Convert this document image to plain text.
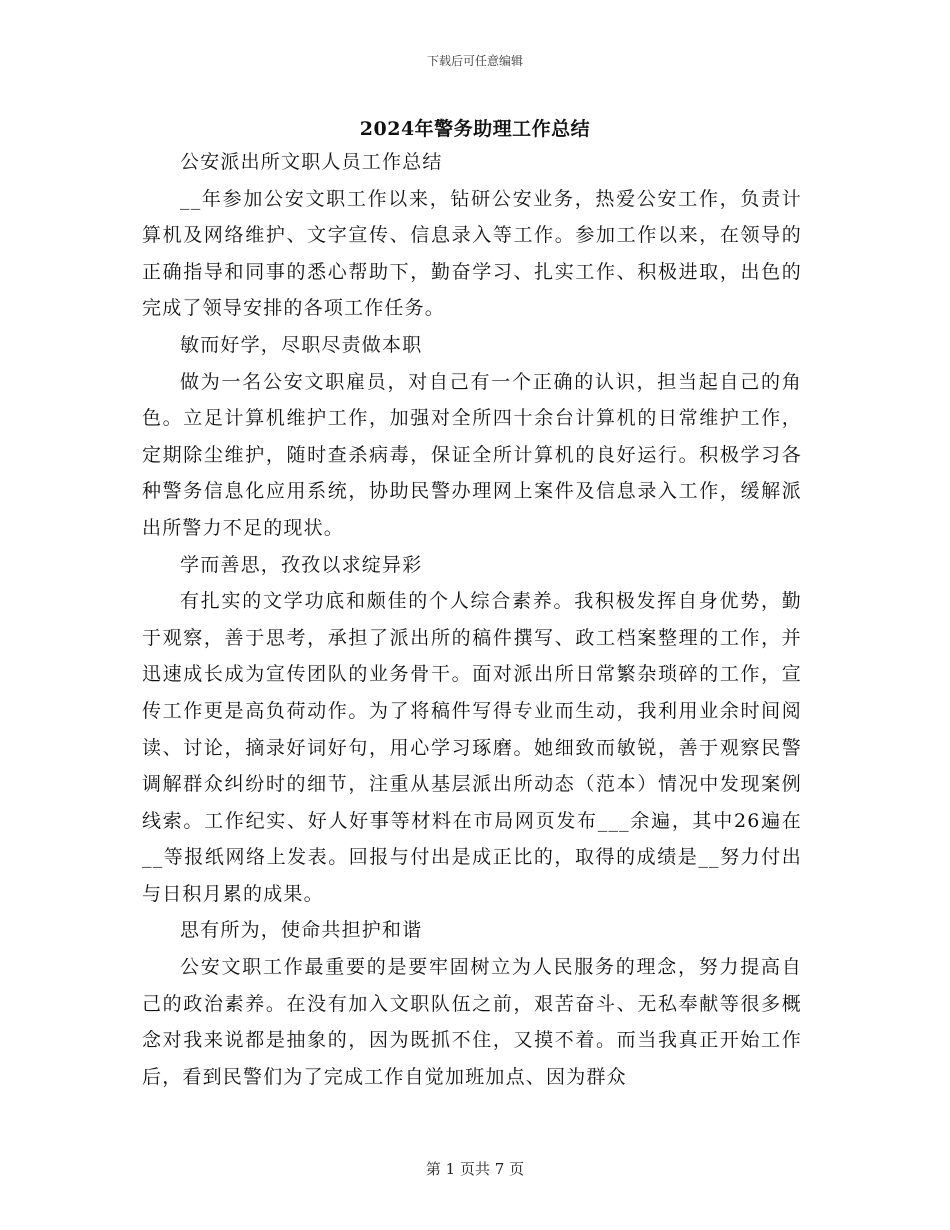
下载后可任意编辑
2024年警务助理工作总结

公安派出所文职人员工作总结

__年参加公安文职工作以来，钻研公安业务，热爱公安工作，负责计算机及网络维护、文字宣传、信息录入等工作。参加工作以来，在领导的正确指导和同事的悉心帮助下，勤奋学习、扎实工作、积极进取，出色的完成了领导安排的各项工作任务。

敏而好学，尽职尽责做本职

做为一名公安文职雇员，对自己有一个正确的认识，担当起自己的角色。立足计算机维护工作，加强对全所四十余台计算机的日常维护工作，定期除尘维护，随时查杀病毒，保证全所计算机的良好运行。积极学习各种警务信息化应用系统，协助民警办理网上案件及信息录入工作，缓解派出所警力不足的现状。

学而善思，孜孜以求绽异彩

有扎实的文学功底和颇佳的个人综合素养。我积极发挥自身优势，勤于观察，善于思考，承担了派出所的稿件撰写、政工档案整理的工作，并迅速成长成为宣传团队的业务骨干。面对派出所日常繁杂琐碎的工作，宣传工作更是高负荷动作。为了将稿件写得专业而生动，我利用业余时间阅读、讨论，摘录好词好句，用心学习琢磨。她细致而敏锐，善于观察民警调解群众纠纷时的细节，注重从基层派出所动态（范本）情况中发现案例线索。工作纪实、好人好事等材料在市局网页发布___余遍，其中26遍在__等报纸网络上发表。回报与付出是成正比的，取得的成绩是__努力付出与日积月累的成果。

思有所为，使命共担护和谐

公安文职工作最重要的是要牢固树立为人民服务的理念，努力提高自己的政治素养。在没有加入文职队伍之前，艰苦奋斗、无私奉献等很多概念对我来说都是抽象的，因为既抓不住，又摸不着。而当我真正开始工作后，看到民警们为了完成工作自觉加班加点、因为群众

第 1 页共 7 页
